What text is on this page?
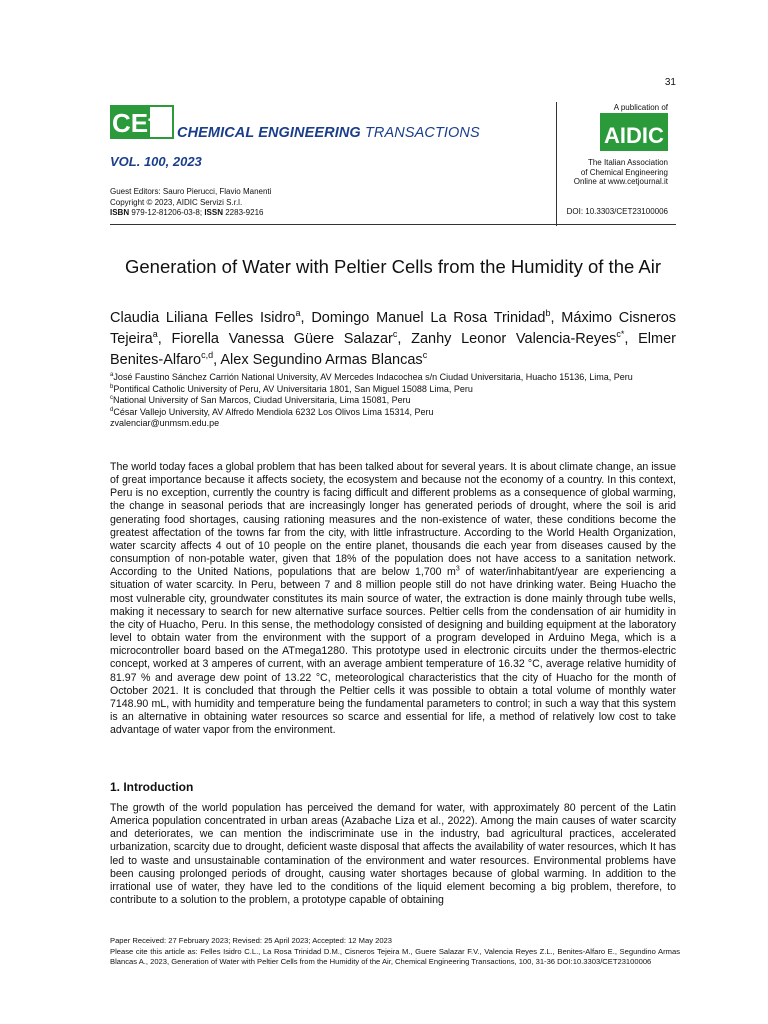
31
CEt CHEMICAL ENGINEERING TRANSACTIONS
VOL. 100, 2023
Guest Editors: Sauro Pierucci, Flavio Manenti
Copyright © 2023, AIDIC Servizi S.r.l.
ISBN 979-12-81206-03-8; ISSN 2283-9216
A publication of
AIDIC
The Italian Association
of Chemical Engineering
Online at www.cetjournal.it
DOI: 10.3303/CET23100006
Generation of Water with Peltier Cells from the Humidity of the Air
Claudia Liliana Felles Isidro$^a$, Domingo Manuel La Rosa Trinidad$^b$, Máximo Cisneros Tejeira$^a$, Fiorella Vanessa Güere Salazar$^c$, Zanhy Leonor Valencia-Reyes$^{c*}$, Elmer Benites-Alfaro$^{c,d}$, Alex Segundino Armas Blancas$^c$
$^a$José Faustino Sánchez Carrión National University, AV Mercedes Indacochea s/n Ciudad Universitaria, Huacho 15136, Lima, Peru
$^b$Pontifical Catholic University of Peru, AV Universitaria 1801, San Miguel 15088 Lima, Peru
$^c$National University of San Marcos, Ciudad Universitaria, Lima 15081, Peru
$^d$César Vallejo University, AV Alfredo Mendiola 6232 Los Olivos Lima 15314, Peru
zvalenciar@unmsm.edu.pe
The world today faces a global problem that has been talked about for several years. It is about climate change, an issue of great importance because it affects society, the ecosystem and because not the economy of a country. In this context, Peru is no exception, currently the country is facing difficult and different problems as a consequence of global warming, the change in seasonal periods that are increasingly longer has generated periods of drought, where the soil is arid generating food shortages, causing rationing measures and the non-existence of water, these conditions become the greatest affectation of the towns far from the city, with little infrastructure. According to the World Health Organization, water scarcity affects 4 out of 10 people on the entire planet, thousands die each year from diseases caused by the consumption of non-potable water, given that 18% of the population does not have access to a sanitation network. According to the United Nations, populations that are below 1,700 $m^3$ of water/inhabitant/year are experiencing a situation of water scarcity. In Peru, between 7 and 8 million people still do not have drinking water. Being Huacho the most vulnerable city, groundwater constitutes its main source of water, the extraction is done mainly through tube wells, making it necessary to search for new alternative surface sources. Peltier cells from the condensation of air humidity in the city of Huacho, Peru. In this sense, the methodology consisted of designing and building equipment at the laboratory level to obtain water from the environment with the support of a program developed in Arduino Mega, which is a microcontroller board based on the ATmega1280. This prototype used in electronic circuits under the thermos-electric concept, worked at 3 amperes of current, with an average ambient temperature of 16.32 °C, average relative humidity of 81.97 % and average dew point of 13.22 °C, meteorological characteristics that the city of Huacho for the month of October 2021. It is concluded that through the Peltier cells it was possible to obtain a total volume of monthly water 7148.90 mL, with humidity and temperature being the fundamental parameters to control; in such a way that this system is an alternative in obtaining water resources so scarce and essential for life, a method of relatively low cost to take advantage of water vapor from the environment.
1. Introduction
The growth of the world population has perceived the demand for water, with approximately 80 percent of the Latin America population concentrated in urban areas (Azabache Liza et al., 2022). Among the main causes of water scarcity and deteriorates, we can mention the indiscriminate use in the industry, bad agricultural practices, accelerated urbanization, scarcity due to drought, deficient waste disposal that affects the availability of water resources, which It has led to waste and unsustainable contamination of the environment and water resources. Environmental problems have been causing prolonged periods of drought, causing water shortages because of global warming. In addition to the irrational use of water, they have led to the conditions of the liquid element becoming a big problem, therefore, to contribute to a solution to the problem, a prototype capable of obtaining
Paper Received: 27 February 2023; Revised: 25 April 2023; Accepted: 12 May 2023
Please cite this article as: Felles Isidro C.L., La Rosa Trinidad D.M., Cisneros Tejeira M., Guere Salazar F.V., Valencia Reyes Z.L., Benites-Alfaro E., Segundino Armas Blancas A., 2023, Generation of Water with Peltier Cells from the Humidity of the Air, Chemical Engineering Transactions, 100, 31-36 DOI:10.3303/CET23100006
